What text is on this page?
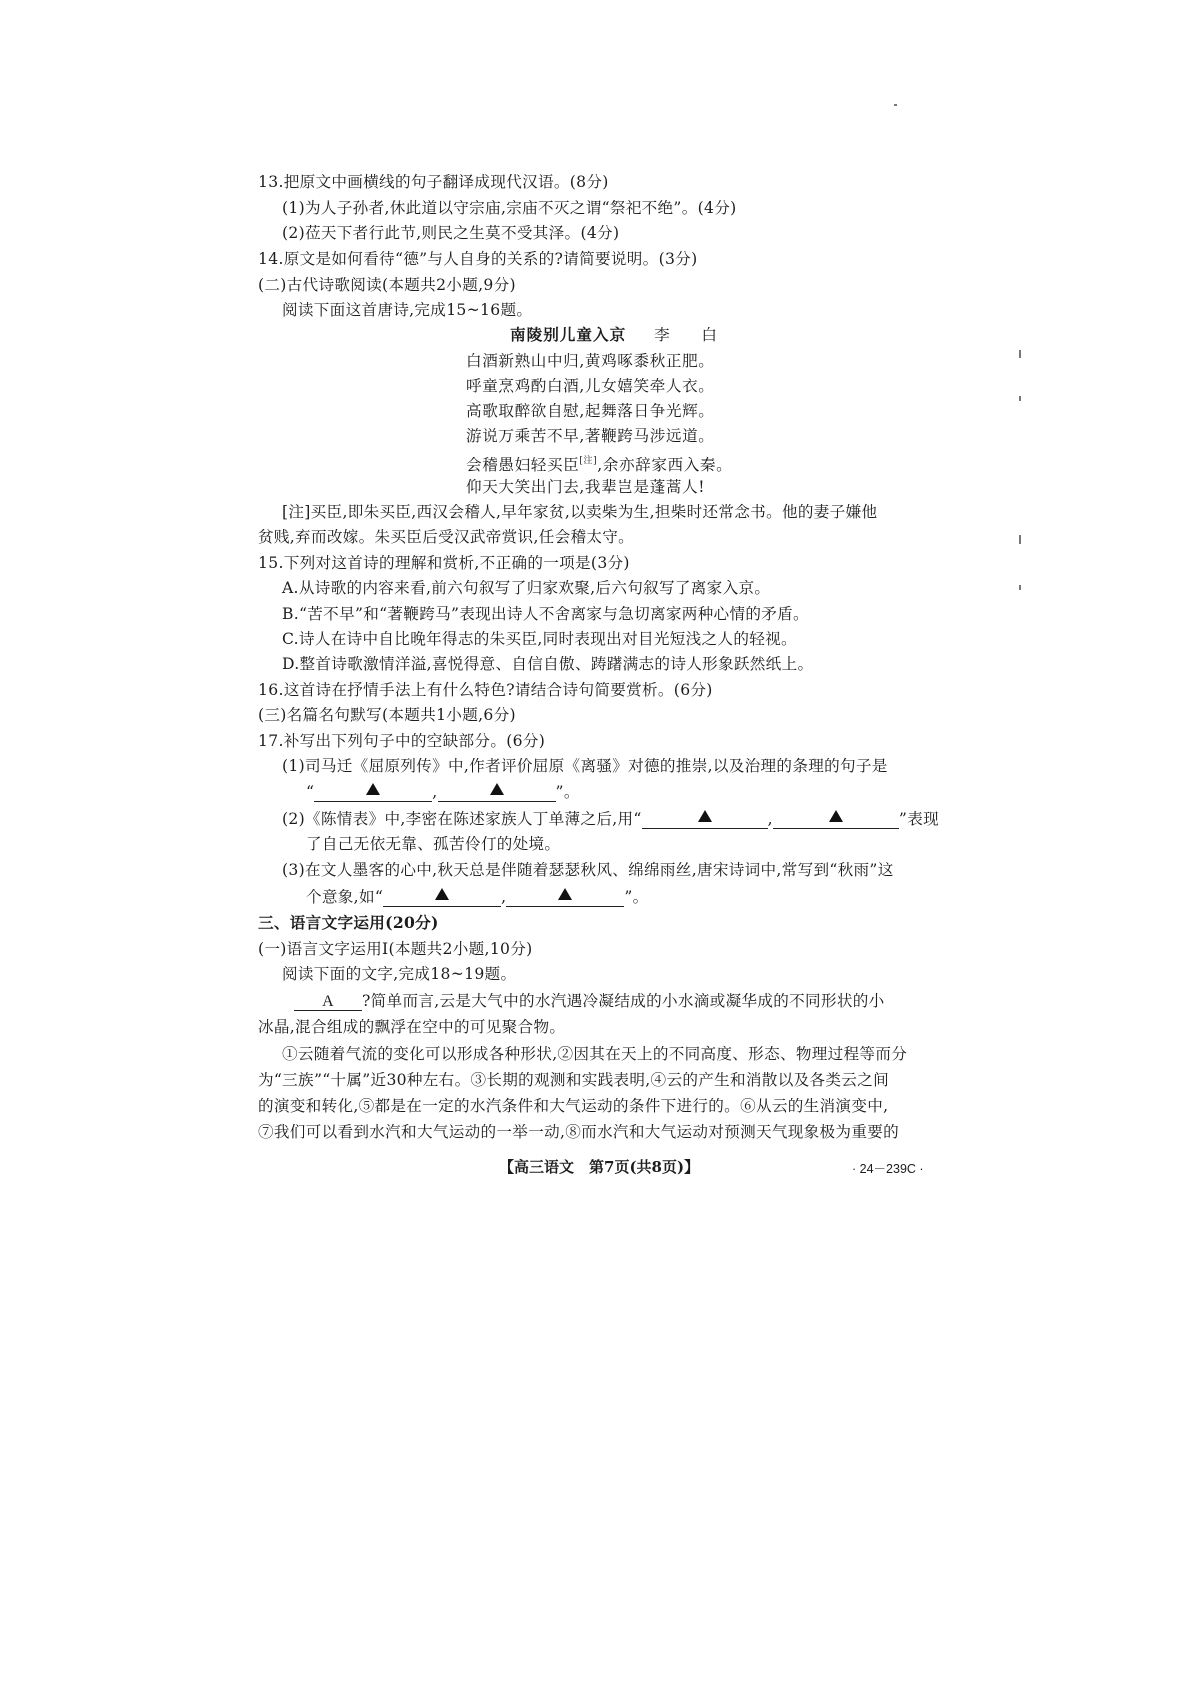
13.把原文中画横线的句子翻译成现代汉语。(8分)
(1)为人子孙者,休此道以守宗庙,宗庙不灭之谓“祭祀不绝”。(4分)
(2)莅天下者行此节,则民之生莫不受其泽。(4分)
14.原文是如何看待“德”与人自身的关系的?请简要说明。(3分)
(二)古代诗歌阅读(本题共2小题,9分)
阅读下面这首唐诗,完成15~16题。
南陵别儿童入京 李　白
白酒新熟山中归,黄鸡啄黍秋正肥。
呼童烹鸡酌白酒,儿女嬉笑牵人衣。
高歌取醉欲自慰,起舞落日争光辉。
游说万乘苦不早,著鞭跨马涉远道。
会稽愚妇轻买臣[注],余亦辞家西入秦。
仰天大笑出门去,我辈岂是蓬蒿人!
[注]买臣,即朱买臣,西汉会稽人,早年家贫,以卖柴为生,担柴时还常念书。他的妻子嫌他
贫贱,弃而改嫁。朱买臣后受汉武帝赏识,任会稽太守。
15.下列对这首诗的理解和赏析,不正确的一项是(3分)
A.从诗歌的内容来看,前六句叙写了归家欢聚,后六句叙写了离家入京。
B.“苦不早”和“著鞭跨马”表现出诗人不舍离家与急切离家两种心情的矛盾。
C.诗人在诗中自比晚年得志的朱买臣,同时表现出对目光短浅之人的轻视。
D.整首诗歌激情洋溢,喜悦得意、自信自傲、踌躇满志的诗人形象跃然纸上。
16.这首诗在抒情手法上有什么特色?请结合诗句简要赏析。(6分)
(三)名篇名句默写(本题共1小题,6分)
17.补写出下列句子中的空缺部分。(6分)
(1)司马迁《屈原列传》中,作者评价屈原《离骚》对德的推崇,以及治理的条理的句子是
“	,	”。
(2)《陈情表》中,李密在陈述家族人丁单薄之后,用“	,	”表现
了自己无依无靠、孤苦伶仃的处境。
(3)在文人墨客的心中,秋天总是伴随着瑟瑟秋风、绵绵雨丝,唐宋诗词中,常写到“秋雨”这
个意象,如“	,	”。
三、语言文字运用(20分)
(一)语言文字运用Ⅰ(本题共2小题,10分)
阅读下面的文字,完成18~19题。
A ?简单而言,云是大气中的水汽遇冷凝结成的小水滴或凝华成的不同形状的小
冰晶,混合组成的飘浮在空中的可见聚合物。
①云随着气流的变化可以形成各种形状,②因其在天上的不同高度、形态、物理过程等而分
为“三族”“十属”近30种左右。③长期的观测和实践表明,④云的产生和消散以及各类云之间
的演变和转化,⑤都是在一定的水汽条件和大气运动的条件下进行的。⑥从云的生消演变中,
⑦我们可以看到水汽和大气运动的一举一动,⑧而水汽和大气运动对预测天气现象极为重要的
【高三语文　第7页(共8页)】	· 24－239C ·
